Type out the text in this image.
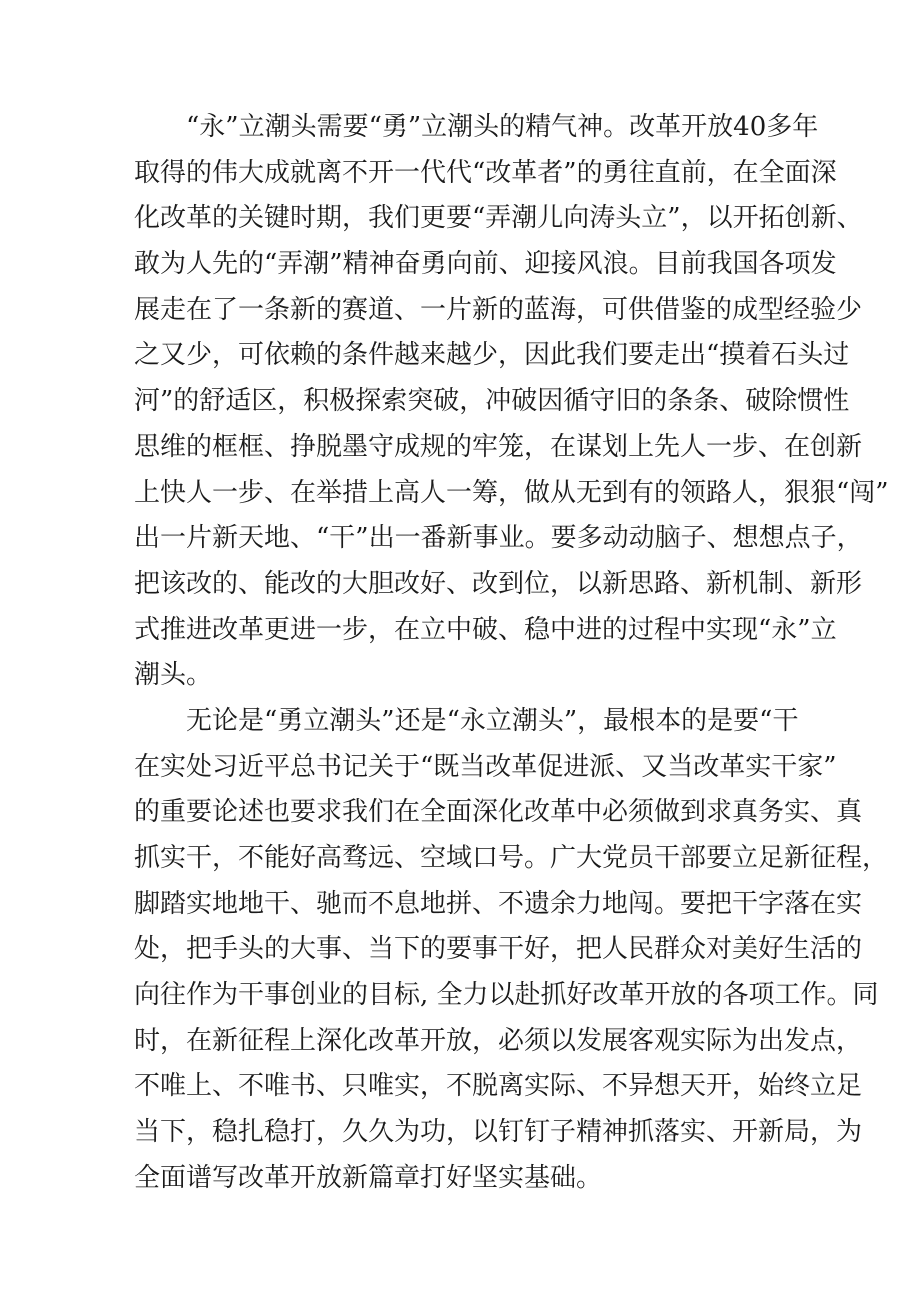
“永”立潮头需要“勇”立潮头的精气神。改革开放40多年
取得的伟大成就离不开一代代“改革者”的勇往直前，在全面深
化改革的关键时期，我们更要“弄潮儿向涛头立”，以开拓创新、
敢为人先的“弄潮”精神奋勇向前、迎接风浪。目前我国各项发
展走在了一条新的赛道、一片新的蓝海，可供借鉴的成型经验少
之又少，可依赖的条件越来越少，因此我们要走出“摸着石头过
河”的舒适区，积极探索突破，冲破因循守旧的条条、破除惯性
思维的框框、挣脱墨守成规的牢笼，在谋划上先人一步、在创新
上快人一步、在举措上高人一筹，做从无到有的领路人，狠狠“闯”
出一片新天地、“干”出一番新事业。要多动动脑子、想想点子，
把该改的、能改的大胆改好、改到位，以新思路、新机制、新形
式推进改革更进一步，在立中破、稳中进的过程中实现“永”立
潮头。
无论是“勇立潮头”还是“永立潮头”，最根本的是要“干
在实处习近平总书记关于“既当改革促进派、又当改革实干家”
的重要论述也要求我们在全面深化改革中必须做到求真务实、真
抓实干，不能好高骛远、空域口号。广大党员干部要立足新征程，
脚踏实地地干、驰而不息地拼、不遗余力地闯。要把干字落在实
处，把手头的大事、当下的要事干好，把人民群众对美好生活的
向往作为干事创业的目标, 全力以赴抓好改革开放的各项工作。同
时，在新征程上深化改革开放，必须以发展客观实际为出发点，
不唯上、不唯书、只唯实，不脱离实际、不异想天开，始终立足
当下，稳扎稳打，久久为功，以钉钉子精神抓落实、开新局，为
全面谱写改革开放新篇章打好坚实基础。
